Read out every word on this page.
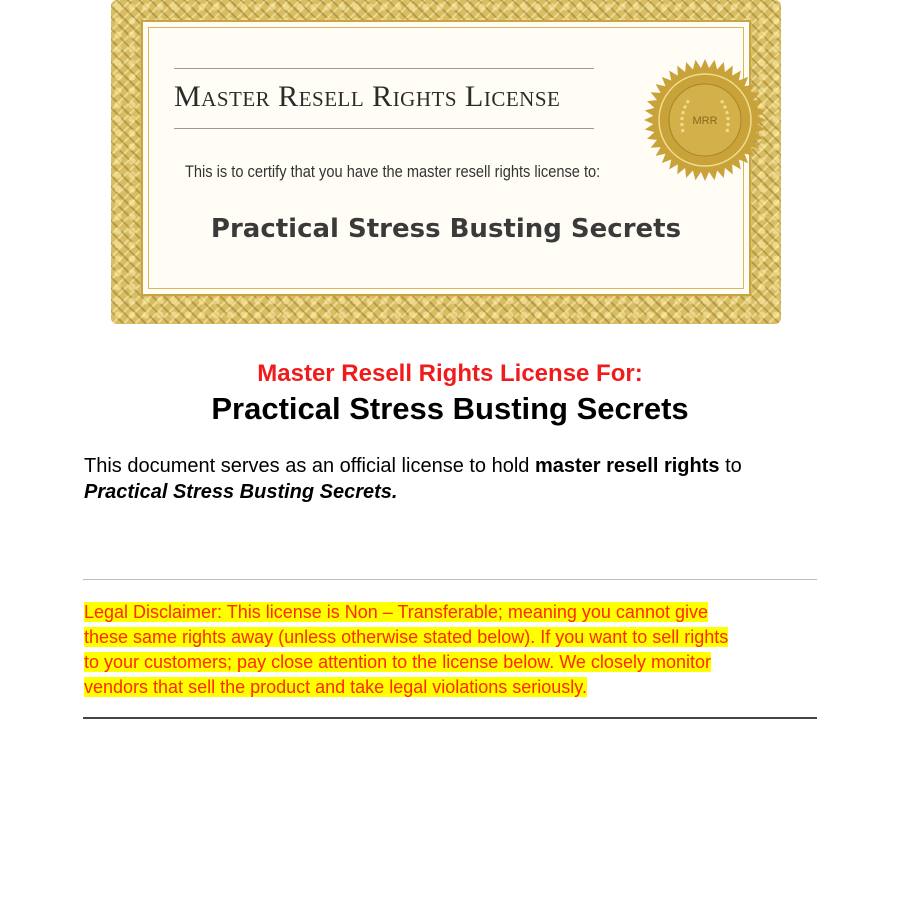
Master Resell Rights License
This is to certify that you have the master resell rights license to:
Practical Stress Busting Secrets
MRR
Master Resell Rights License For:
Practical Stress Busting Secrets
This document serves as an official license to hold master resell rights to
Practical Stress Busting Secrets.
Legal Disclaimer: This license is Non – Transferable; meaning you cannot give
these same rights away (unless otherwise stated below). If you want to sell rights
to your customers; pay close attention to the license below. We closely monitor
vendors that sell the product and take legal violations seriously.
